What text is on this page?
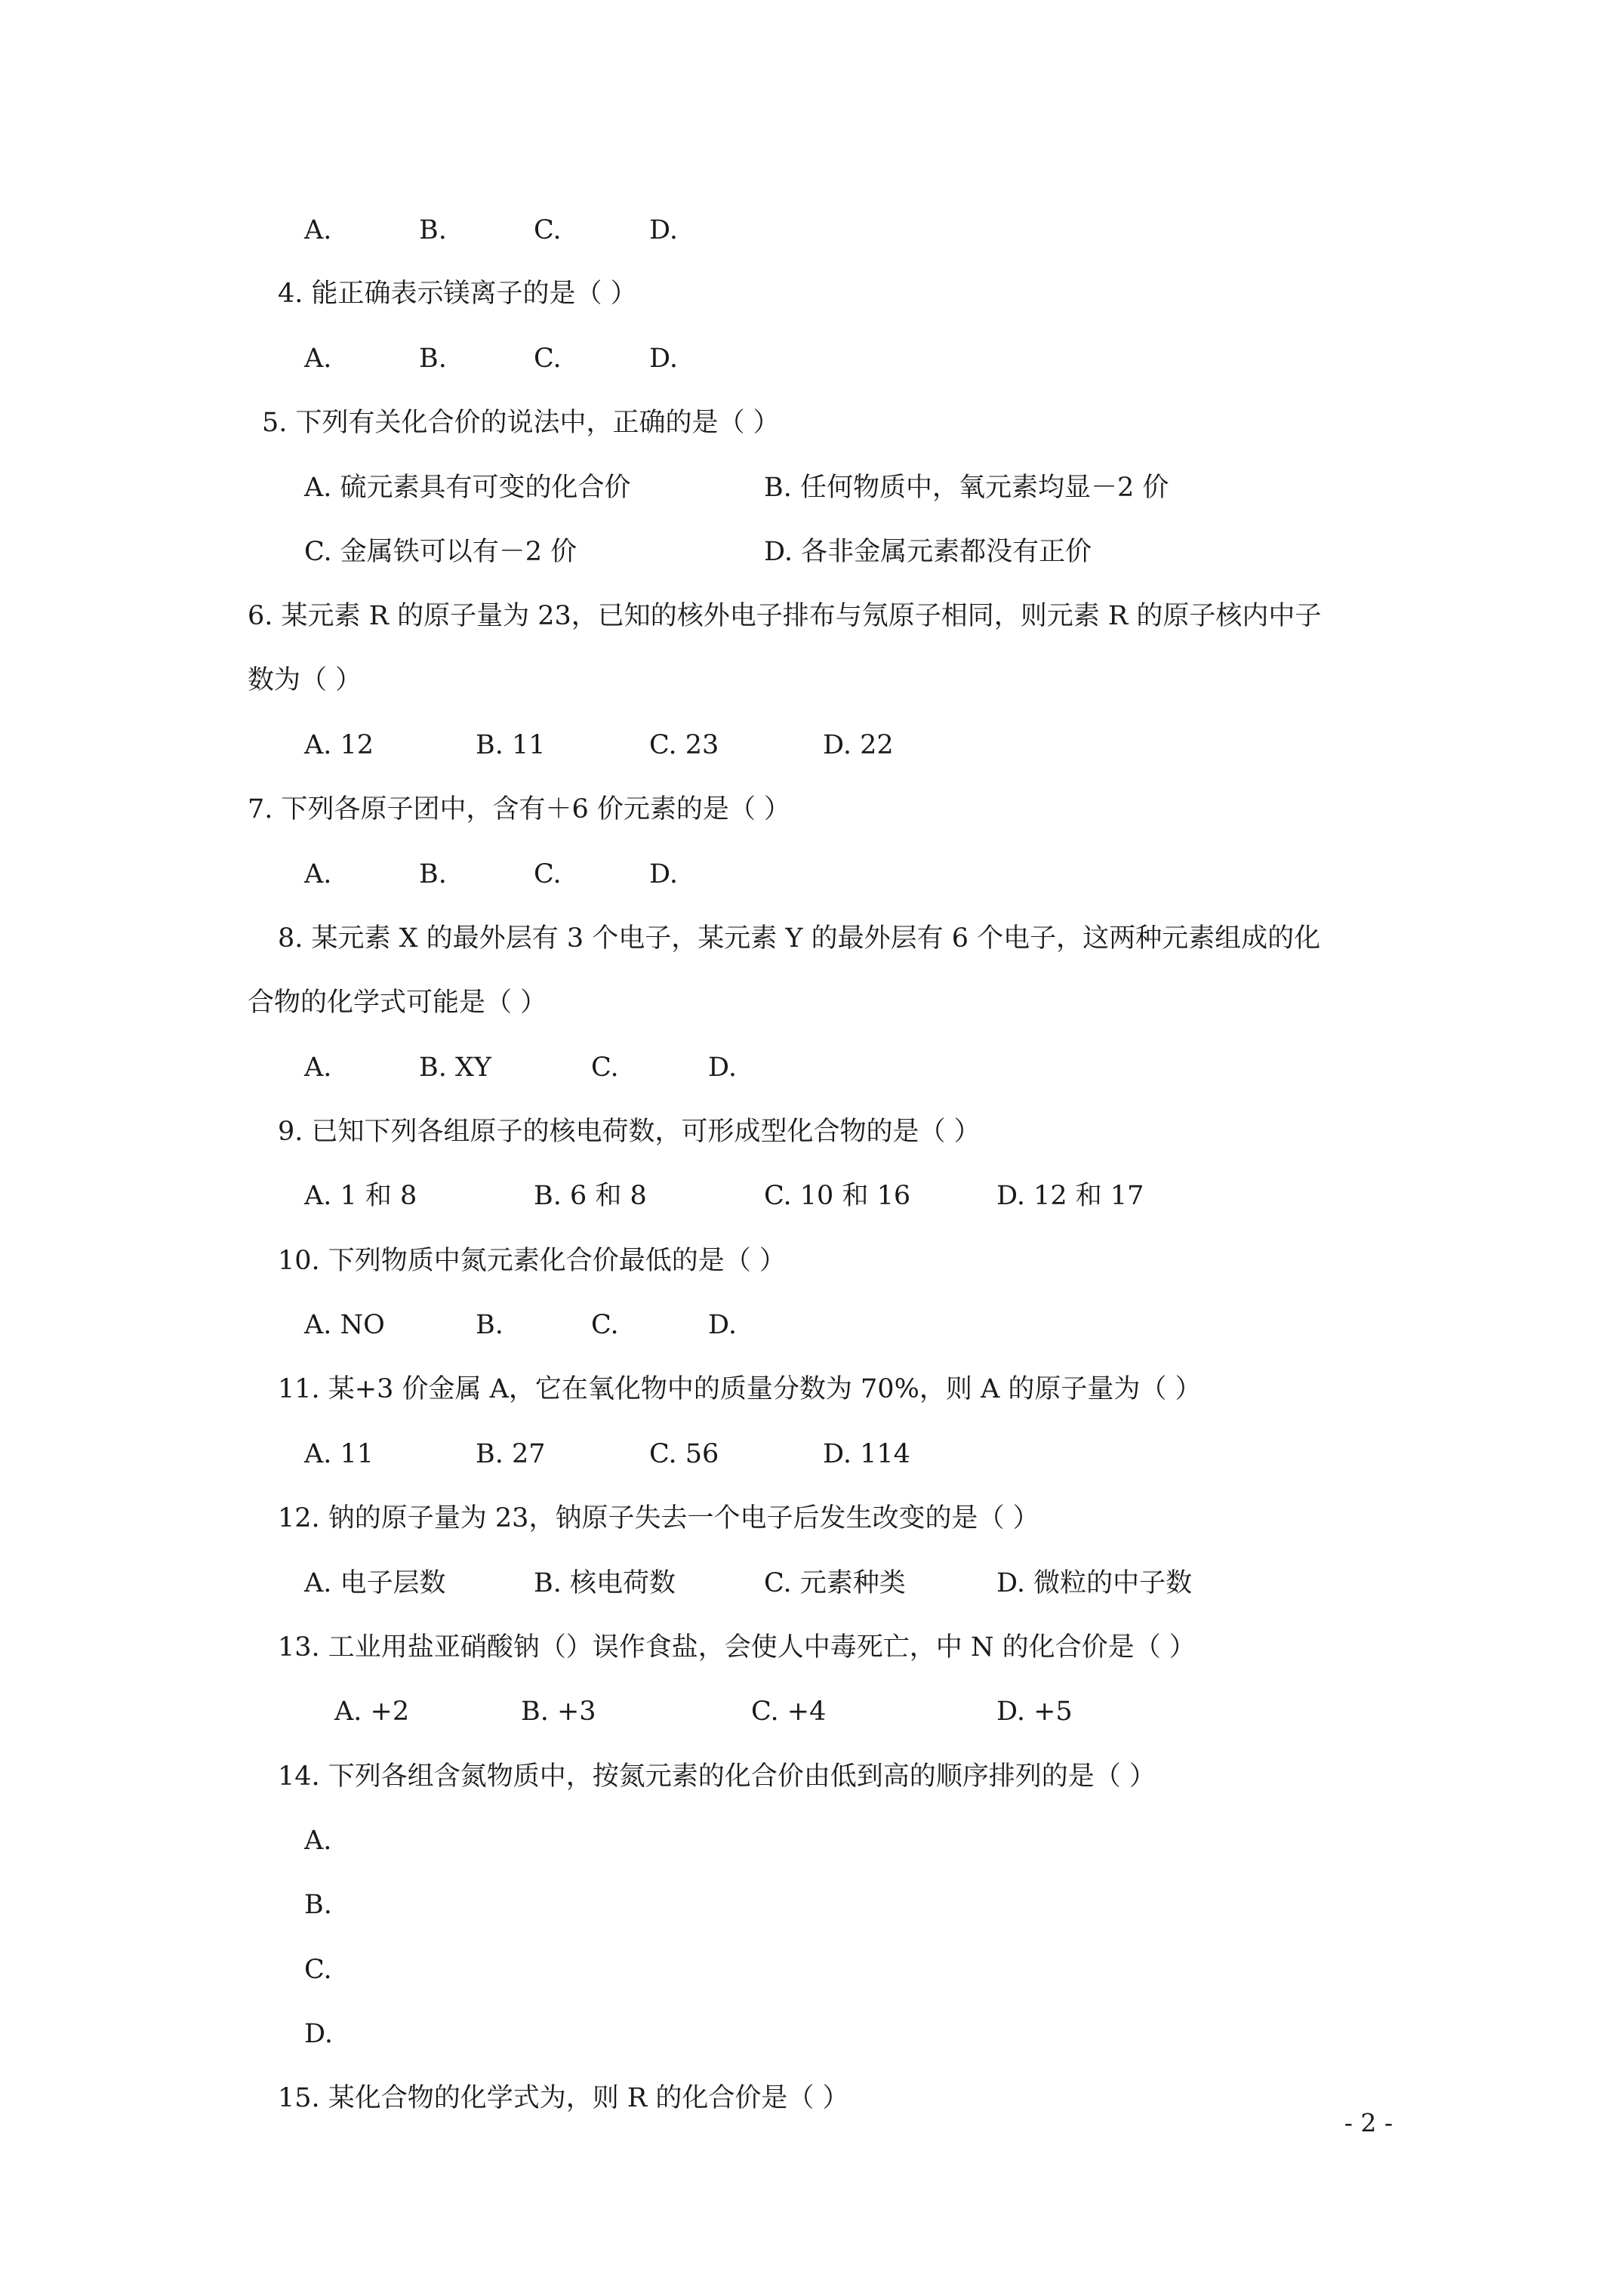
A.	B.	C.	D.
4. 能正确表示镁离子的是（ ）
A.	B.	C.	D.
5. 下列有关化合价的说法中，正确的是（ ）
A. 硫元素具有可变的化合价	B. 任何物质中，氧元素均显－2 价
C. 金属铁可以有－2 价	D. 各非金属元素都没有正价
6. 某元素 R 的原子量为 23，已知的核外电子排布与氖原子相同，则元素 R 的原子核内中子
数为（ ）
A. 12	B. 11	C. 23	D. 22
7. 下列各原子团中，含有＋6 价元素的是（ ）
A.	B.	C.	D.
8. 某元素 X 的最外层有 3 个电子，某元素 Y 的最外层有 6 个电子，这两种元素组成的化
合物的化学式可能是（ ）
A.	B. XY	C.	D.
9. 已知下列各组原子的核电荷数，可形成型化合物的是（ ）
A. 1 和 8	B. 6 和 8	C. 10 和 16	D. 12 和 17
10. 下列物质中氮元素化合价最低的是（ ）
A. NO	B.	C.	D.
11. 某+3 价金属 A，它在氧化物中的质量分数为 70%，则 A 的原子量为（ ）
A. 11	B. 27	C. 56	D. 114
12. 钠的原子量为 23，钠原子失去一个电子后发生改变的是（ ）
A. 电子层数	B. 核电荷数	C. 元素种类	D. 微粒的中子数
13. 工业用盐亚硝酸钠（）误作食盐，会使人中毒死亡，中 N 的化合价是（ ）
A. +2	B. +3	C. +4	D. +5
14. 下列各组含氮物质中，按氮元素的化合价由低到高的顺序排列的是（ ）
A.
B.
C.
D.
15. 某化合物的化学式为，则 R 的化合价是（ ）
- 2 -
